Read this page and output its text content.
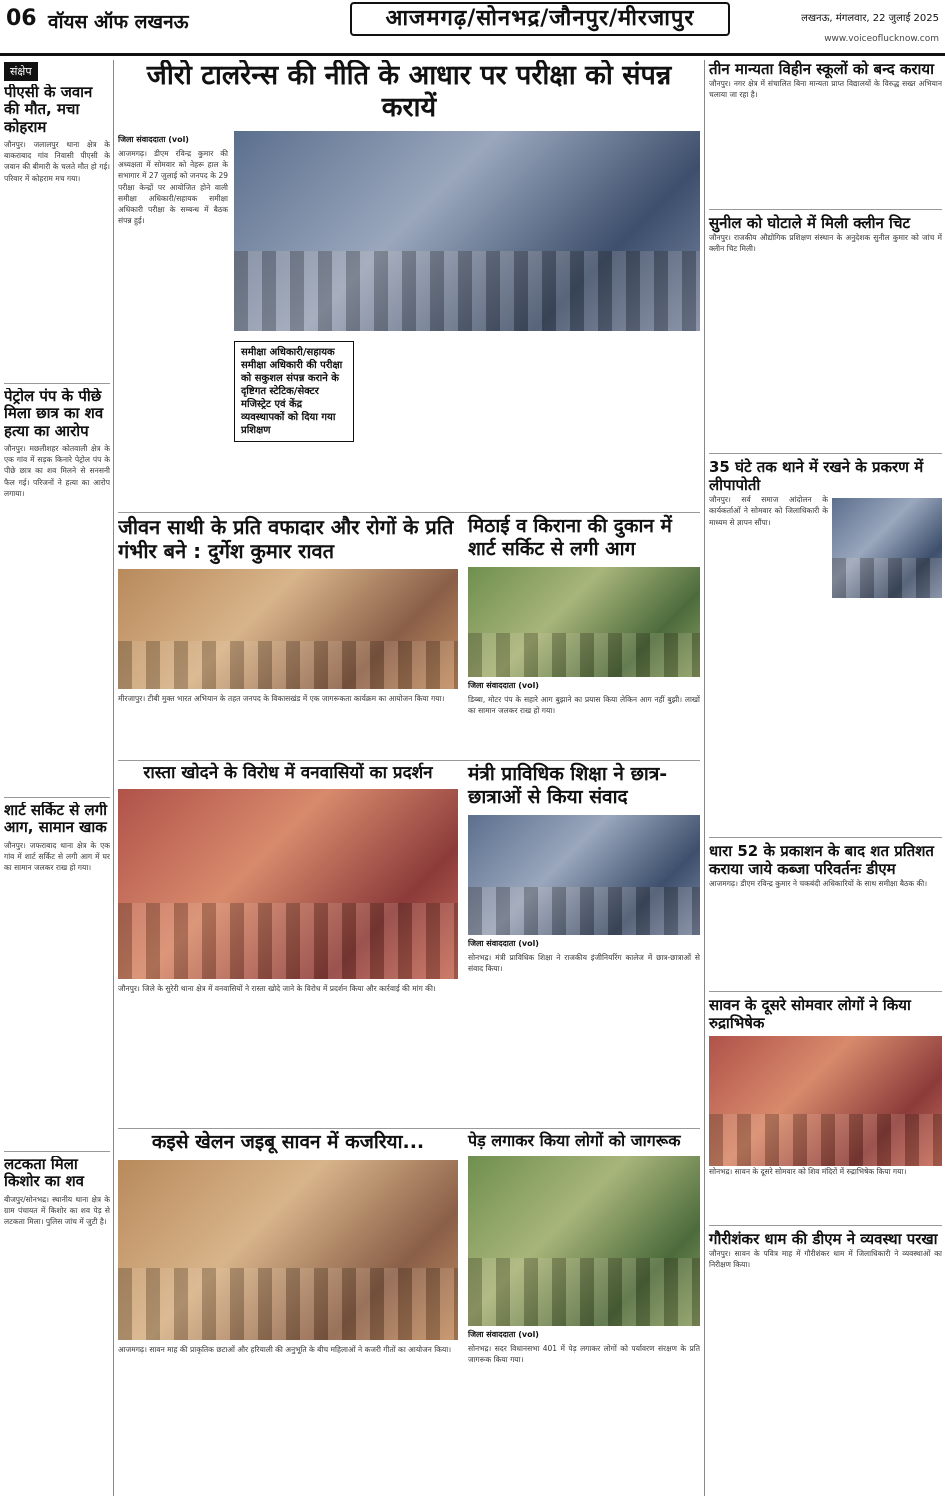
06 वॉयस ऑफ लखनऊ	आजमगढ़/सोनभद्र/जौनपुर/मीरजापुर	लखनऊ, मंगलवार, 22 जुलाई 2025
www.voiceoflucknow.com
संक्षेप
पीएसी के जवान की मौत, मचा कोहराम
जौनपुर। जलालपुर थाना क्षेत्र के बाकराबाद गांव निवासी पीएसी के जवान की बीमारी के चलते मौत हो गई। परिवार में कोहराम मच गया।
पेट्रोल पंप के पीछे मिला छात्र का शव हत्या का आरोप
जौनपुर। मछलीशहर कोतवाली क्षेत्र के एक गांव में सड़क किनारे पेट्रोल पंप के पीछे छात्र का शव मिलने से सनसनी फैल गई। परिजनों ने हत्या का आरोप लगाया।
शार्ट सर्किट से लगी आग, सामान खाक
जौनपुर। जफराबाद थाना क्षेत्र के एक गांव में शार्ट सर्किट से लगी आग में घर का सामान जलकर राख हो गया।
लटकता मिला किशोर का शव
बीजपुर/सोनभद्र। स्थानीय थाना क्षेत्र के ग्राम पंचायत में किशोर का शव पेड़ से लटकता मिला। पुलिस जांच में जुटी है।
जीरो टालरेन्स की नीति के आधार पर परीक्षा को संपन्न करायें
जिला संवाददाता (vol)
आजमगढ़। डीएम रविन्द्र कुमार की अध्यक्षता में सोमवार को नेहरू हाल के सभागार में 27 जुलाई को जनपद के 29 परीक्षा केन्द्रों पर आयोजित होने वाली समीक्षा अधिकारी/सहायक समीक्षा अधिकारी परीक्षा के सम्बन्ध में बैठक संपन्न हुई।
समीक्षा अधिकारी/सहायक समीक्षा अधिकारी की परीक्षा को सकुशल संपन्न कराने के दृष्टिगत स्टेटिक/सेक्टर मजिस्ट्रेट एवं केंद्र व्यवस्थापकों को दिया गया प्रशिक्षण
जीवन साथी के प्रति वफादार और रोगों के प्रति गंभीर बने : दुर्गेश कुमार रावत
मीरजापुर। टीबी मुक्त भारत अभियान के तहत जनपद के विकासखंड में एक जागरूकता कार्यक्रम का आयोजन किया गया।
मिठाई व किराना की दुकान में शार्ट सर्किट से लगी आग
जिला संवाददाता (vol)
डिब्बा, मोटर पंप के सहारे आग बुझाने का प्रयास किया लेकिन आग नहीं बुझी। लाखों का सामान जलकर राख हो गया।
रास्ता खोदने के विरोध में वनवासियों का प्रदर्शन
जौनपुर। जिले के सुरेरी थाना क्षेत्र में वनवासियों ने रास्ता खोदे जाने के विरोध में प्रदर्शन किया और कार्रवाई की मांग की।
मंत्री प्राविधिक शिक्षा ने छात्र-छात्राओं से किया संवाद
जिला संवाददाता (vol)
सोनभद्र। मंत्री प्राविधिक शिक्षा ने राजकीय इंजीनियरिंग कालेज में छात्र-छात्राओं से संवाद किया।
कइसे खेलन जइबू सावन में कजरिया...
आजमगढ़। सावन माह की प्राकृतिक छटाओं और हरियाली की अनुभूति के बीच महिलाओं ने कजरी गीतों का आयोजन किया।
पेड़ लगाकर किया लोगों को जागरूक
जिला संवाददाता (vol)
सोनभद्र। सदर विधानसभा 401 में पेड़ लगाकर लोगों को पर्यावरण संरक्षण के प्रति जागरूक किया गया।
तीन मान्यता विहीन स्कूलों को बन्द कराया
जौनपुर। नगर क्षेत्र में संचालित बिना मान्यता प्राप्त विद्यालयों के विरुद्ध सख्त अभियान चलाया जा रहा है।
सुनील को घोटाले में मिली क्लीन चिट
जौनपुर। राजकीय औद्योगिक प्रशिक्षण संस्थान के अनुदेशक सुनील कुमार को जांच में क्लीन चिट मिली।
35 घंटे तक थाने में रखने के प्रकरण में लीपापोती
जौनपुर। सर्व समाज आंदोलन के कार्यकर्ताओं ने सोमवार को जिलाधिकारी के माध्यम से ज्ञापन सौंपा।
धारा 52 के प्रकाशन के बाद शत प्रतिशत कराया जाये कब्जा परिवर्तनः डीएम
आजमगढ़। डीएम रविन्द्र कुमार ने चकबंदी अधिकारियों के साथ समीक्षा बैठक की।
सावन के दूसरे सोमवार लोगों ने किया रुद्राभिषेक
सोनभद्र। सावन के दूसरे सोमवार को शिव मंदिरों में रुद्राभिषेक किया गया।
गौरीशंकर धाम की डीएम ने व्यवस्था परखा
जौनपुर। सावन के पवित्र माह में गौरीशंकर धाम में जिलाधिकारी ने व्यवस्थाओं का निरीक्षण किया।
